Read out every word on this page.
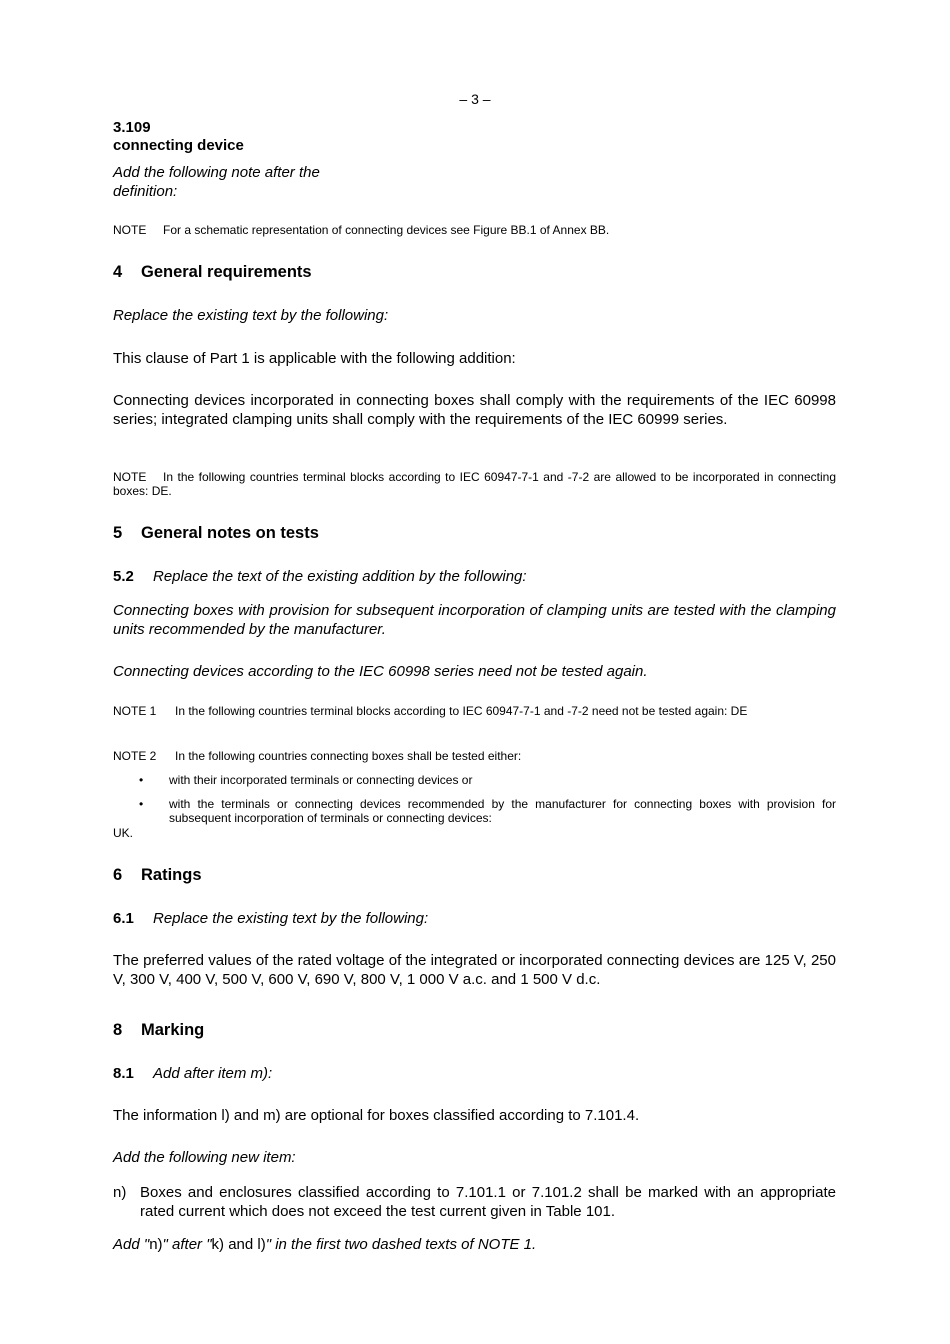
– 3 –
3.109
connecting device
Add the following note after the definition:
NOTE For a schematic representation of connecting devices see Figure BB.1 of Annex BB.
4 General requirements
Replace the existing text by the following:
This clause of Part 1 is applicable with the following addition:
Connecting devices incorporated in connecting boxes shall comply with the requirements of the IEC 60998 series; integrated clamping units shall comply with the requirements of the IEC 60999 series.
NOTE In the following countries terminal blocks according to IEC 60947-7-1 and -7-2 are allowed to be incorporated in connecting boxes: DE.
5 General notes on tests
5.2 Replace the text of the existing addition by the following:
Connecting boxes with provision for subsequent incorporation of clamping units are tested with the clamping units recommended by the manufacturer.
Connecting devices according to the IEC 60998 series need not be tested again.
NOTE 1 In the following countries terminal blocks according to IEC 60947-7-1 and -7-2 need not be tested again: DE
NOTE 2 In the following countries connecting boxes shall be tested either:
• with their incorporated terminals or connecting devices or
• with the terminals or connecting devices recommended by the manufacturer for connecting boxes with provision for subsequent incorporation of terminals or connecting devices:
UK.
6 Ratings
6.1 Replace the existing text by the following:
The preferred values of the rated voltage of the integrated or incorporated connecting devices are 125 V, 250 V, 300 V, 400 V, 500 V, 600 V, 690 V, 800 V, 1 000 V a.c. and 1 500 V d.c.
8 Marking
8.1 Add after item m):
The information l) and m) are optional for boxes classified according to 7.101.4.
Add the following new item:
n) Boxes and enclosures classified according to 7.101.1 or 7.101.2 shall be marked with an appropriate rated current which does not exceed the test current given in Table 101.
Add "n)" after "k) and l)" in the first two dashed texts of NOTE 1.
